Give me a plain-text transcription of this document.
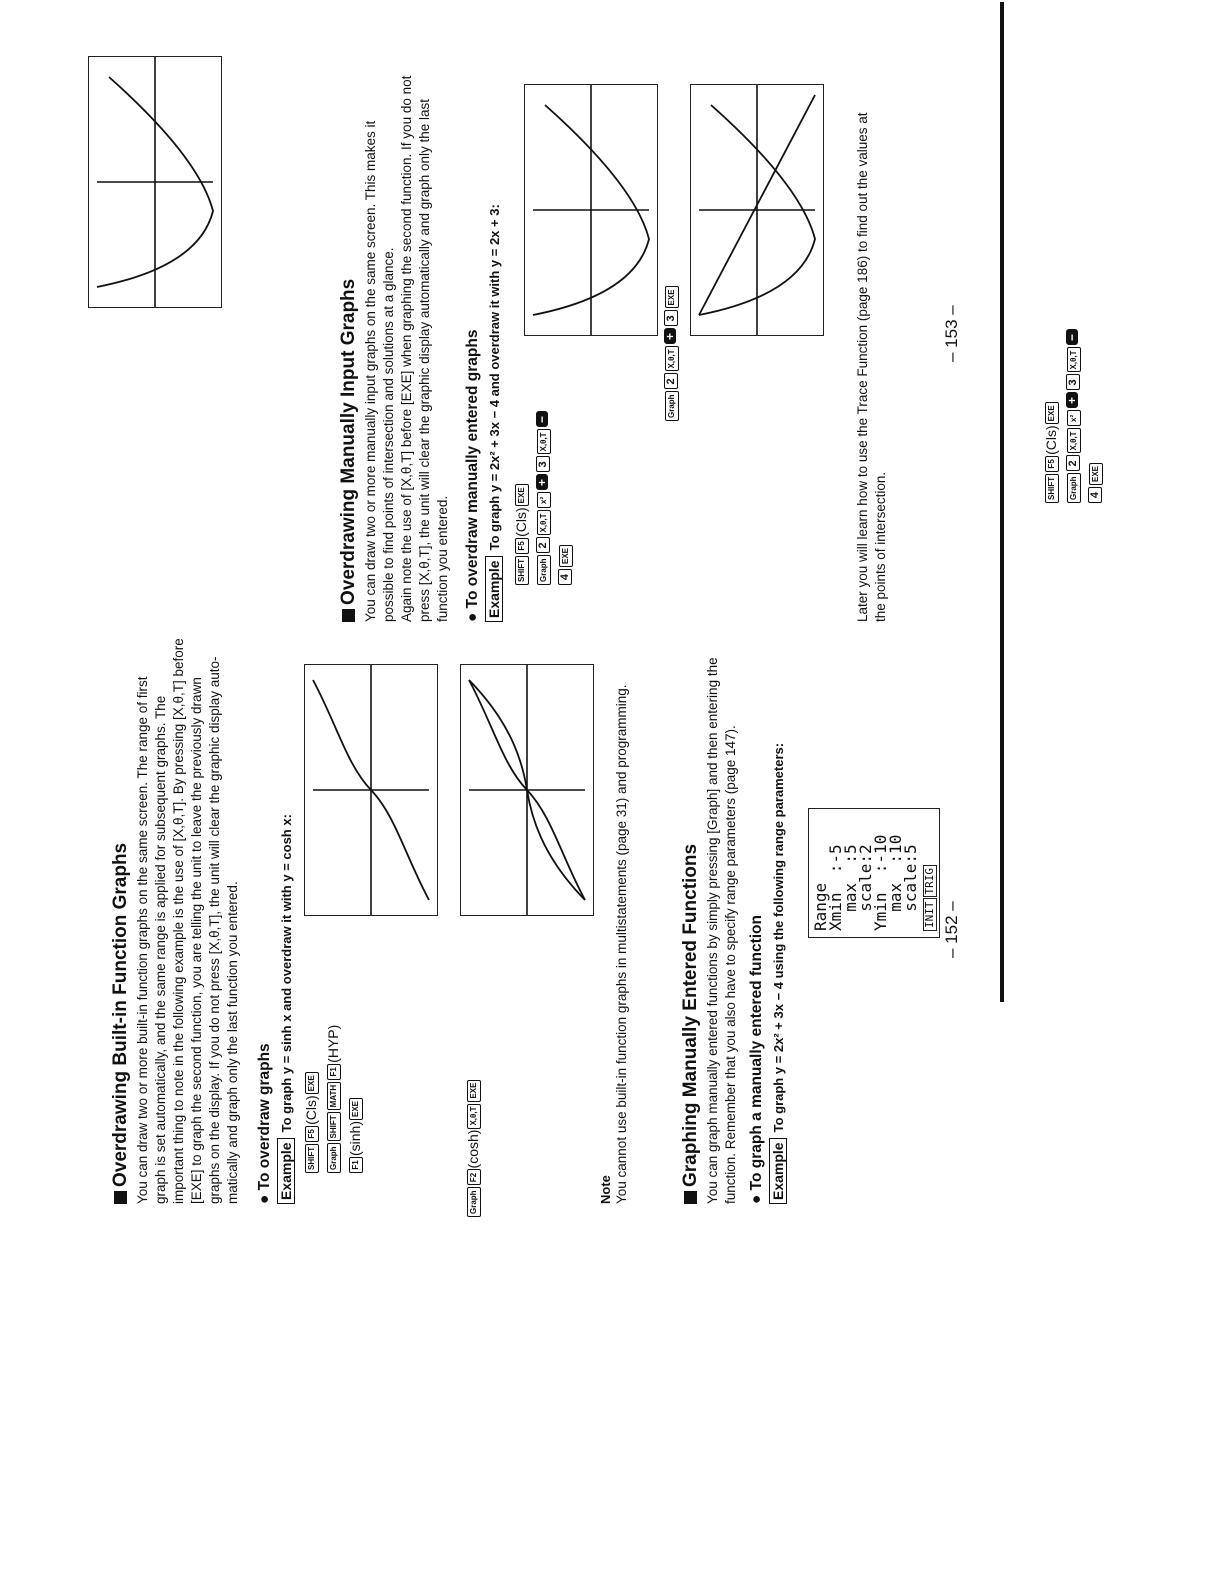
Overdrawing Built-in Function Graphs You can draw two or more built-in function graphs on the same screen. The range of first graph is set automatically, and the same range is applied for subsequent graphs. The important thing to note in the following example is the use of [X,θ,T]. By pressing [X,θ,T] before [EXE] to graph the second function, you are telling the unit to leave the previously drawn graphs on the display. If you do not press [X,θ,T], the unit will clear the graphic display auto- matically and graph only the last function you entered. ● To overdraw graphs ExampleTo graph y = sinh x and overdraw it with y = cosh x:
SHIFTF5(Cls)EXE
GraphSHIFTMATHF1(HYP)
F1(sinh)EXE
GraphF2(cosh)X,θ,TEXE
Note You cannot use built-in function graphs in multistatements (page 31) and programming.	Graphing Manually Entered Functions You can graph manually entered functions by simply pressing [Graph] and then entering the function. Remember that you also have to specify range parameters (page 147). ● To graph a manually entered function ExampleTo graph y = 2x² + 3x − 4 using the following range parameters: Range
Xmin  :-5
max  :5
scale:2
Ymin  :-10
max  :10
scale:5 INITTRIG
– 152 –
SHIFTF5(Cls)EXE
Graph2X,θ,Tx²+3X,θ,T−
4EXE
Overdrawing Manually Input Graphs You can draw two or more manually input graphs on the same screen. This makes it possible to find points of intersection and solutions at a glance. Again note the use of [X,θ,T] before [EXE] when graphing the second function. If you do not press [X,θ,T], the unit will clear the graphic display automatically and graph only the last function you entered. ● To overdraw manually entered graphs ExampleTo graph y = 2x² + 3x − 4 and overdraw it with y = 2x + 3:
SHIFTF5(Cls)EXE
Graph2X,θ,Tx²+3X,θ,T−
4EXE
Graph2X,θ,T+3EXE	Later you will learn how to use the Trace Function (page 186) to find out the values at the points of intersection.
– 153 –
